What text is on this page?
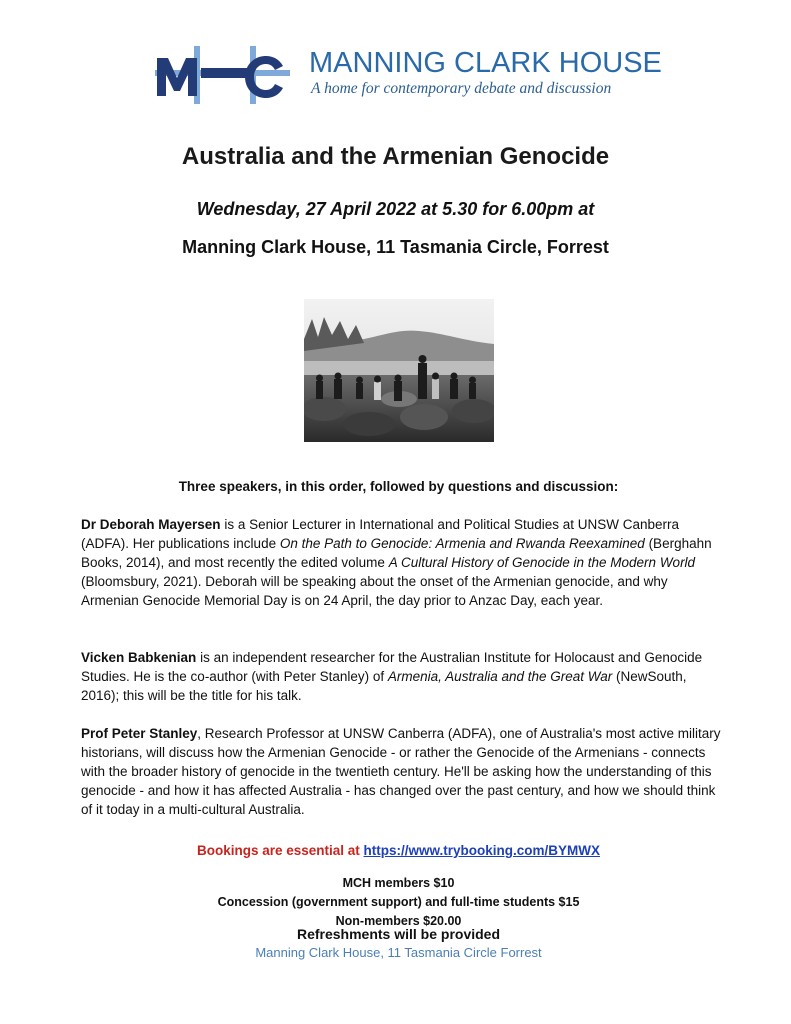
MANNING CLARK HOUSE
A home for contemporary debate and discussion
Australia and the Armenian Genocide
Wednesday, 27 April 2022 at 5.30 for 6.00pm at
Manning Clark House, 11 Tasmania Circle, Forrest
Three speakers, in this order, followed by questions and discussion:
Dr Deborah Mayersen is a Senior Lecturer in International and Political Studies at UNSW Canberra (ADFA). Her publications include On the Path to Genocide: Armenia and Rwanda Reexamined (Berghahn Books, 2014), and most recently the edited volume A Cultural History of Genocide in the Modern World (Bloomsbury, 2021). Deborah will be speaking about the onset of the Armenian genocide, and why Armenian Genocide Memorial Day is on 24 April, the day prior to Anzac Day, each year.
Vicken Babkenian is an independent researcher for the Australian Institute for Holocaust and Genocide Studies. He is the co-author (with Peter Stanley) of Armenia, Australia and the Great War (NewSouth, 2016); this will be the title for his talk.
Prof Peter Stanley, Research Professor at UNSW Canberra (ADFA), one of Australia's most active military historians, will discuss how the Armenian Genocide - or rather the Genocide of the Armenians - connects with the broader history of genocide in the twentieth century. He'll be asking how the understanding of this genocide - and how it has affected Australia - has changed over the past century, and how we should think of it today in a multi-cultural Australia.
Bookings are essential at https://www.trybooking.com/BYMWX
MCH members $10
Concession (government support) and full-time students $15
Non-members $20.00
Refreshments will be provided
Manning Clark House, 11 Tasmania Circle Forrest
